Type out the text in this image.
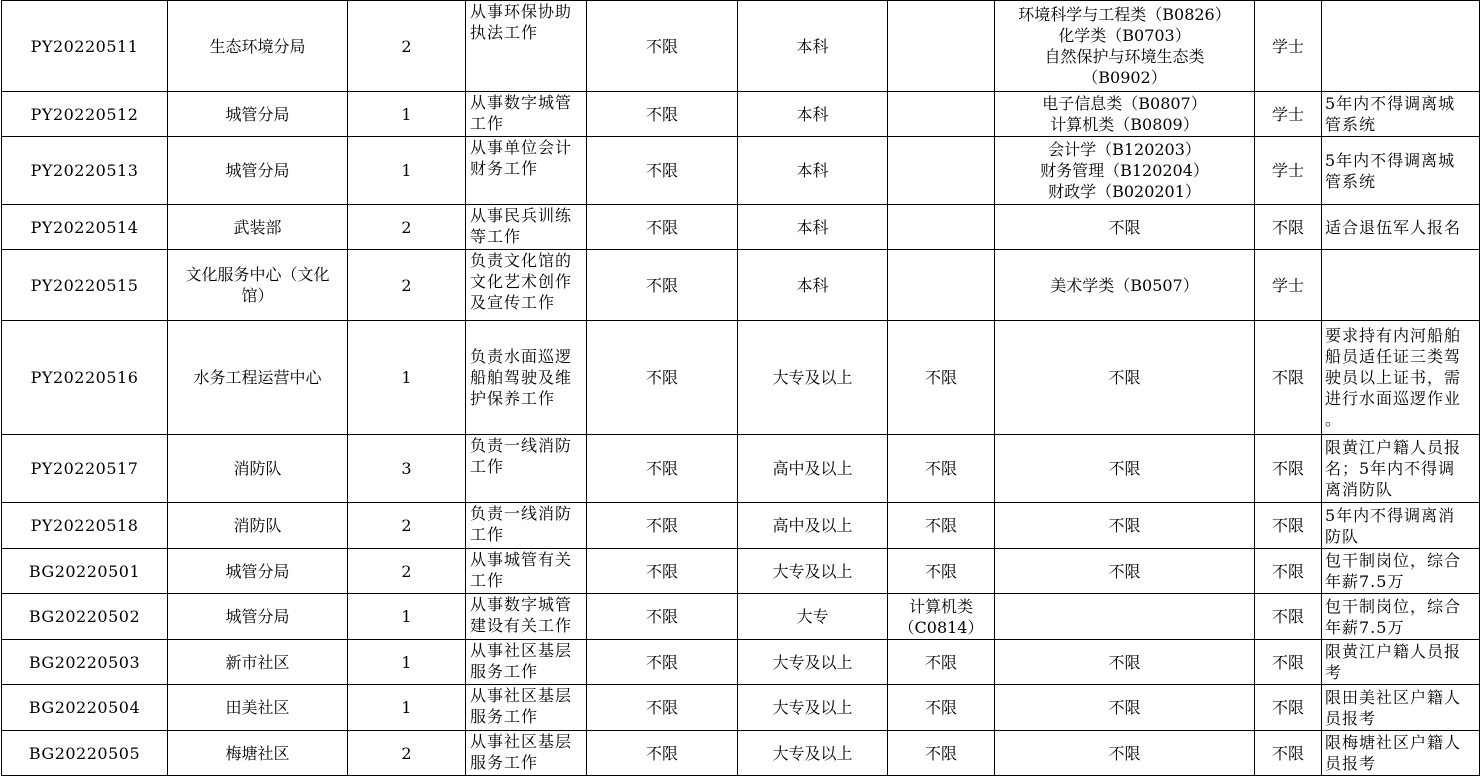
PY20220511	生态环境分局	2	从事环保协助
执法工作	不限	本科		环境科学与工程类（B0826）
化学类（B0703）
自然保护与环境生态类
（B0902）	学士	
PY20220512	城管分局	1	从事数字城管
工作	不限	本科		电子信息类（B0807）
计算机类（B0809）	学士	5年内不得调离城
管系统
PY20220513	城管分局	1	从事单位会计
财务工作	不限	本科		会计学（B120203）
财务管理（B120204）
财政学（B020201）	学士	5年内不得调离城
管系统
PY20220514	武装部	2	从事民兵训练
等工作	不限	本科		不限	不限	适合退伍军人报名
PY20220515	文化服务中心（文化
馆）	2	负责文化馆的
文化艺术创作
及宣传工作	不限	本科		美术学类（B0507）	学士	
PY20220516	水务工程运营中心	1	负责水面巡逻
船舶驾驶及维
护保养工作	不限	大专及以上	不限	不限	不限	要求持有内河船舶
船员适任证三类驾
驶员以上证书，需
进行水面巡逻作业
。
PY20220517	消防队	3	负责一线消防
工作	不限	高中及以上	不限	不限	不限	限黄江户籍人员报
名；5年内不得调
离消防队
PY20220518	消防队	2	负责一线消防
工作	不限	高中及以上	不限	不限	不限	5年内不得调离消
防队
BG20220501	城管分局	2	从事城管有关
工作	不限	大专及以上	不限	不限	不限	包干制岗位，综合
年薪7.5万
BG20220502	城管分局	1	从事数字城管
建设有关工作	不限	大专	计算机类
（C0814）		不限	包干制岗位，综合
年薪7.5万
BG20220503	新市社区	1	从事社区基层
服务工作	不限	大专及以上	不限	不限	不限	限黄江户籍人员报
考
BG20220504	田美社区	1	从事社区基层
服务工作	不限	大专及以上	不限	不限	不限	限田美社区户籍人
员报考
BG20220505	梅塘社区	2	从事社区基层
服务工作	不限	大专及以上	不限	不限	不限	限梅塘社区户籍人
员报考
